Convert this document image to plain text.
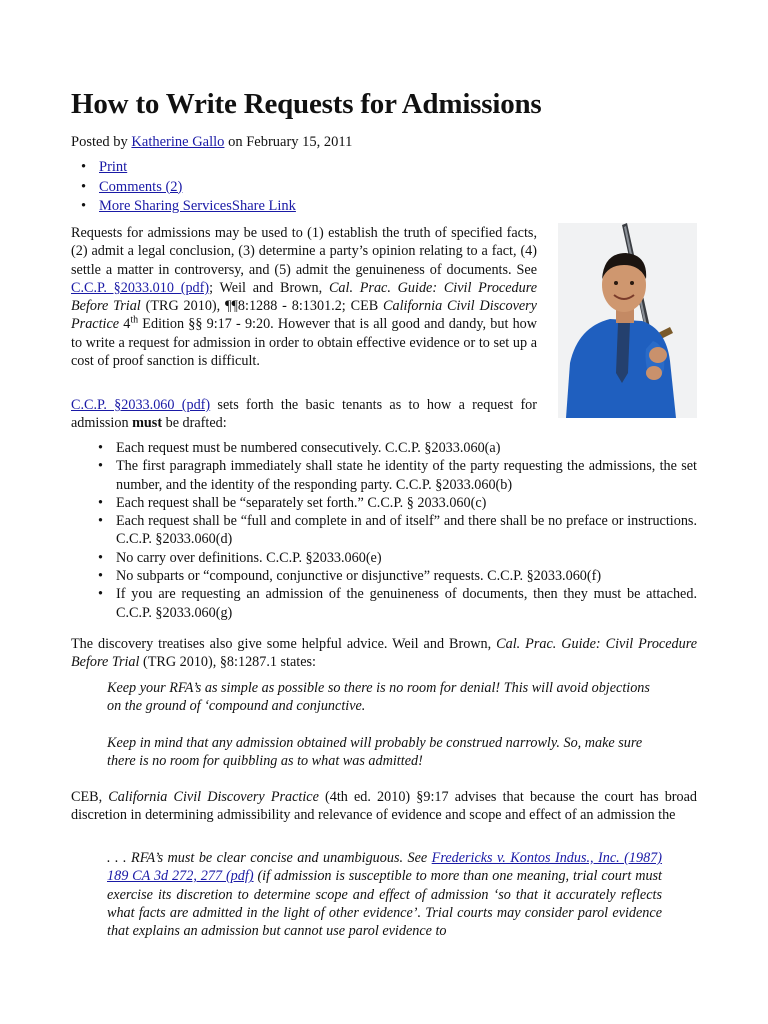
How to Write Requests for Admissions
Posted by Katherine Gallo on February 15, 2011
• Print
• Comments (2)
• More Sharing ServicesShare Link

Requests for admissions may be used to (1) establish the truth of specified facts, (2) admit a legal conclusion, (3) determine a party’s opinion relating to a fact, (4) settle a matter in controversy, and (5) admit the genuineness of documents. See C.C.P. §2033.010 (pdf); Weil and Brown, Cal. Prac. Guide: Civil Procedure Before Trial (TRG 2010), ¶¶8:1288 - 8:1301.2; CEB California Civil Discovery Practice 4th Edition §§ 9:17 - 9:20. However that is all good and dandy, but how to write a request for admission in order to obtain effective evidence or to set up a cost of proof sanction is difficult.

C.C.P. §2033.060 (pdf) sets forth the basic tenants as to how a request for admission must be drafted:

• Each request must be numbered consecutively. C.C.P. §2033.060(a)
• The first paragraph immediately shall state he identity of the party requesting the admissions, the set number, and the identity of the responding party. C.C.P. §2033.060(b)
• Each request shall be “separately set forth.” C.C.P. § 2033.060(c)
• Each request shall be “full and complete in and of itself” and there shall be no preface or instructions. C.C.P. §2033.060(d)
• No carry over definitions. C.C.P. §2033.060(e)
• No subparts or “compound, conjunctive or disjunctive” requests. C.C.P. §2033.060(f)
• If you are requesting an admission of the genuineness of documents, then they must be attached. C.C.P. §2033.060(g)

The discovery treatises also give some helpful advice. Weil and Brown, Cal. Prac. Guide: Civil Procedure Before Trial (TRG 2010), §8:1287.1 states:

Keep your RFA’s as simple as possible so there is no room for denial! This will avoid objections on the ground of ‘compound and conjunctive.
Keep in mind that any admission obtained will probably be construed narrowly. So, make sure there is no room for quibbling as to what was admitted!

CEB, California Civil Discovery Practice (4th ed. 2010) §9:17 advises that because the court has broad discretion in determining admissibility and relevance of evidence and scope and effect of an admission the

. . . RFA’s must be clear concise and unambiguous. See Fredericks v. Kontos Indus., Inc. (1987) 189 CA 3d 272, 277 (pdf) (if admission is susceptible to more than one meaning, trial court must exercise its discretion to determine scope and effect of admission ‘so that it accurately reflects what facts are admitted in the light of other evidence’. Trial courts may consider parol evidence that explains an admission but cannot use parol evidence to
